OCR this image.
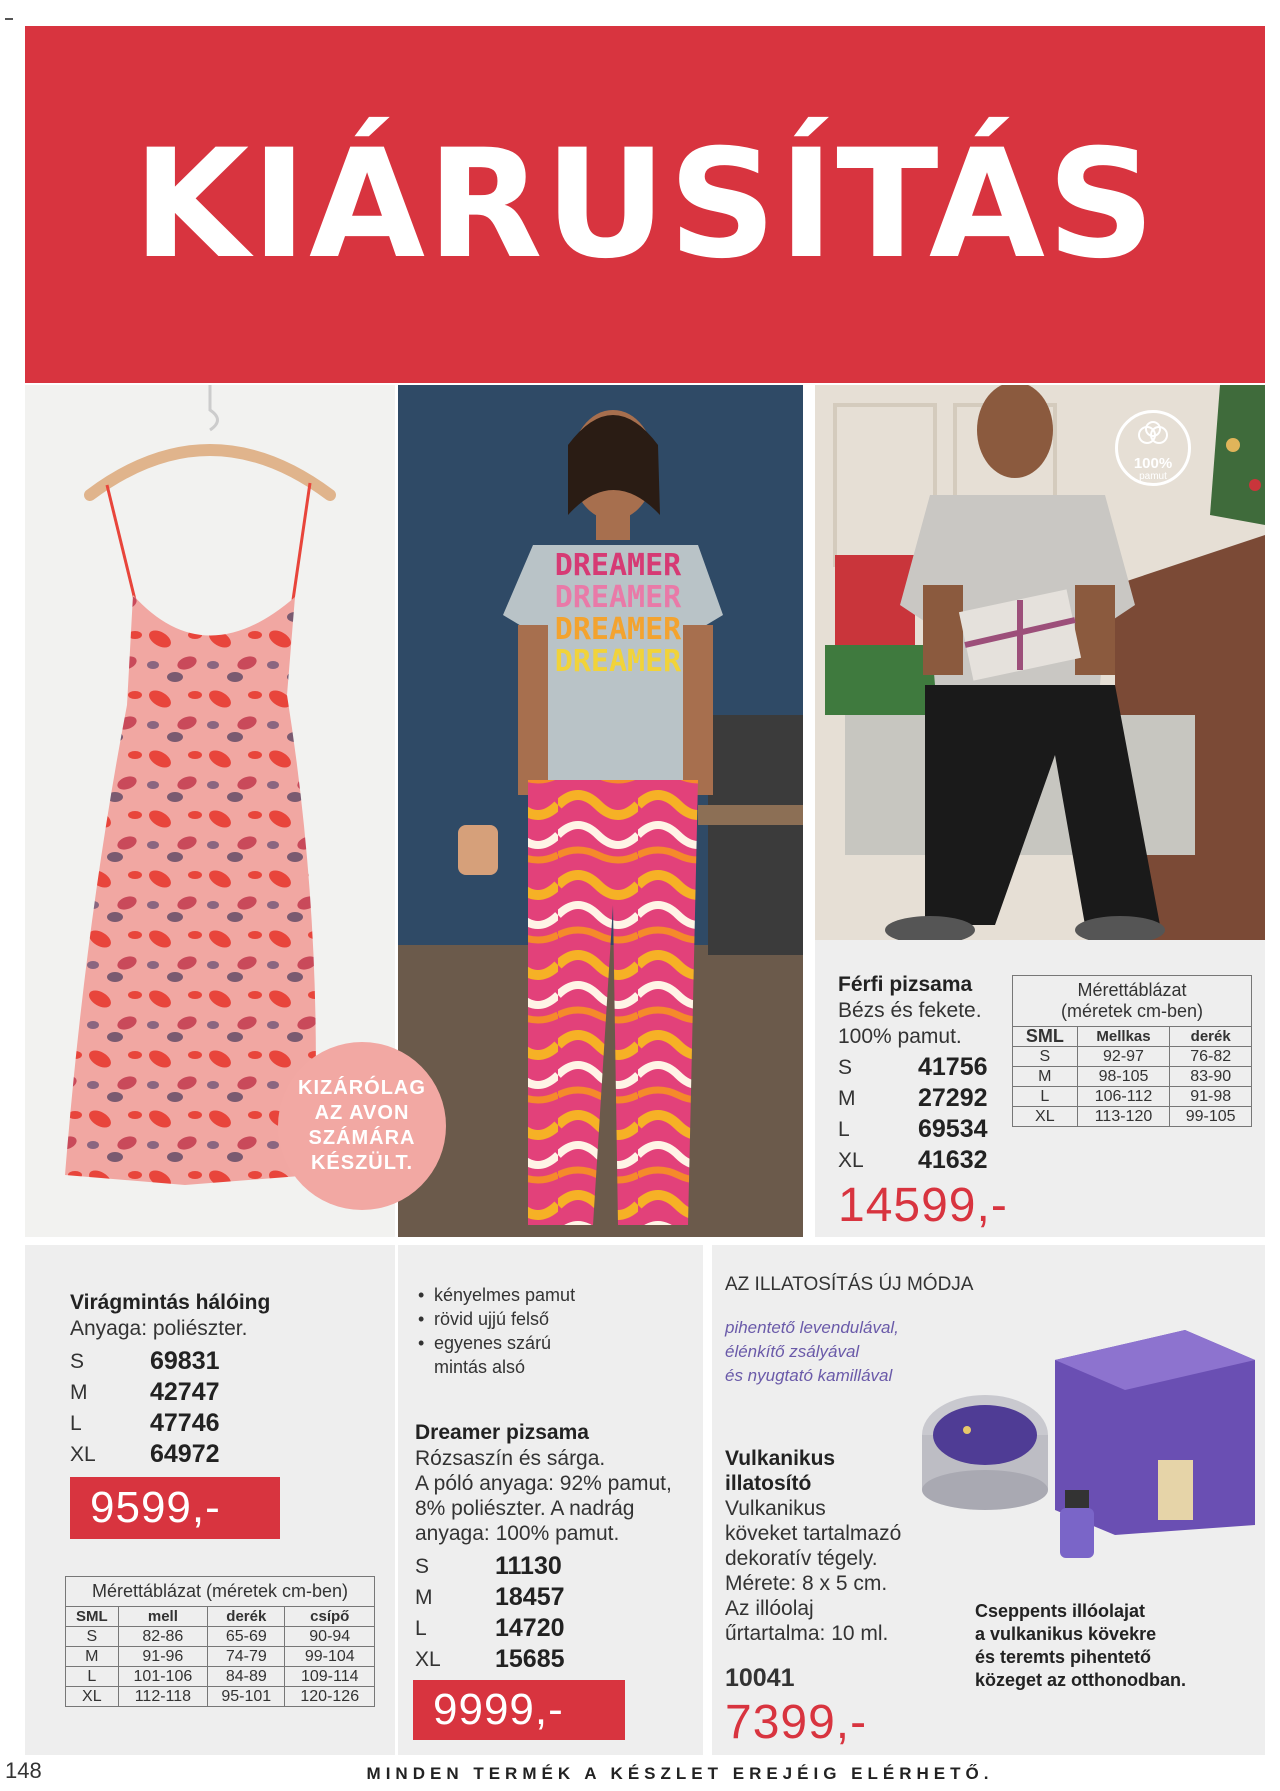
KIÁRUSÍTÁS
DREAMER
DREAMER
DREAMER
DREAMER
100%
pamut
KIZÁRÓLAG
AZ AVON
SZÁMÁRA
KÉSZÜLT.
Férfi pizsama
Bézs és fekete.
100% pamut.
S	41756
M	27292
L	69534
XL	41632
14599,-
Mérettáblázat
(méretek cm-ben)
SML	Mellkas	derék
S	92-97	76-82
M	98-105	83-90
L	106-112	91-98
XL	113-120	99-105
Virágmintás hálóing
Anyaga: poliészter.
S	69831
M	42747
L	47746
XL	64972
9599,-
Mérettáblázat (méretek cm-ben)
SML	mell	derék	csípő
S	82-86	65-69	90-94
M	91-96	74-79	99-104
L	101-106	84-89	109-114
XL	112-118	95-101	120-126
• kényelmes pamut
• rövid ujjú felső
• egyenes szárú
mintás alsó
Dreamer pizsama
Rózsaszín és sárga.
A póló anyaga: 92% pamut,
8% poliészter. A nadrág
anyaga: 100% pamut.
S	11130
M	18457
L	14720
XL	15685
9999,-
AZ ILLATOSÍTÁS ÚJ MÓDJA
pihentető levendulával,
élénkítő zsályával
és nyugtató kamillával
Vulkanikus
illatosító
Vulkanikus
köveket tartalmazó
dekoratív tégely.
Mérete: 8 x 5 cm.
Az illóolaj
űrtartalma: 10 ml.
10041
7399,-
Cseppents illóolajat
a vulkanikus kövekre
és teremts pihentető
közeget az otthonodban.
148	MINDEN TERMÉK A KÉSZLET EREJÉIG ELÉRHETŐ.
